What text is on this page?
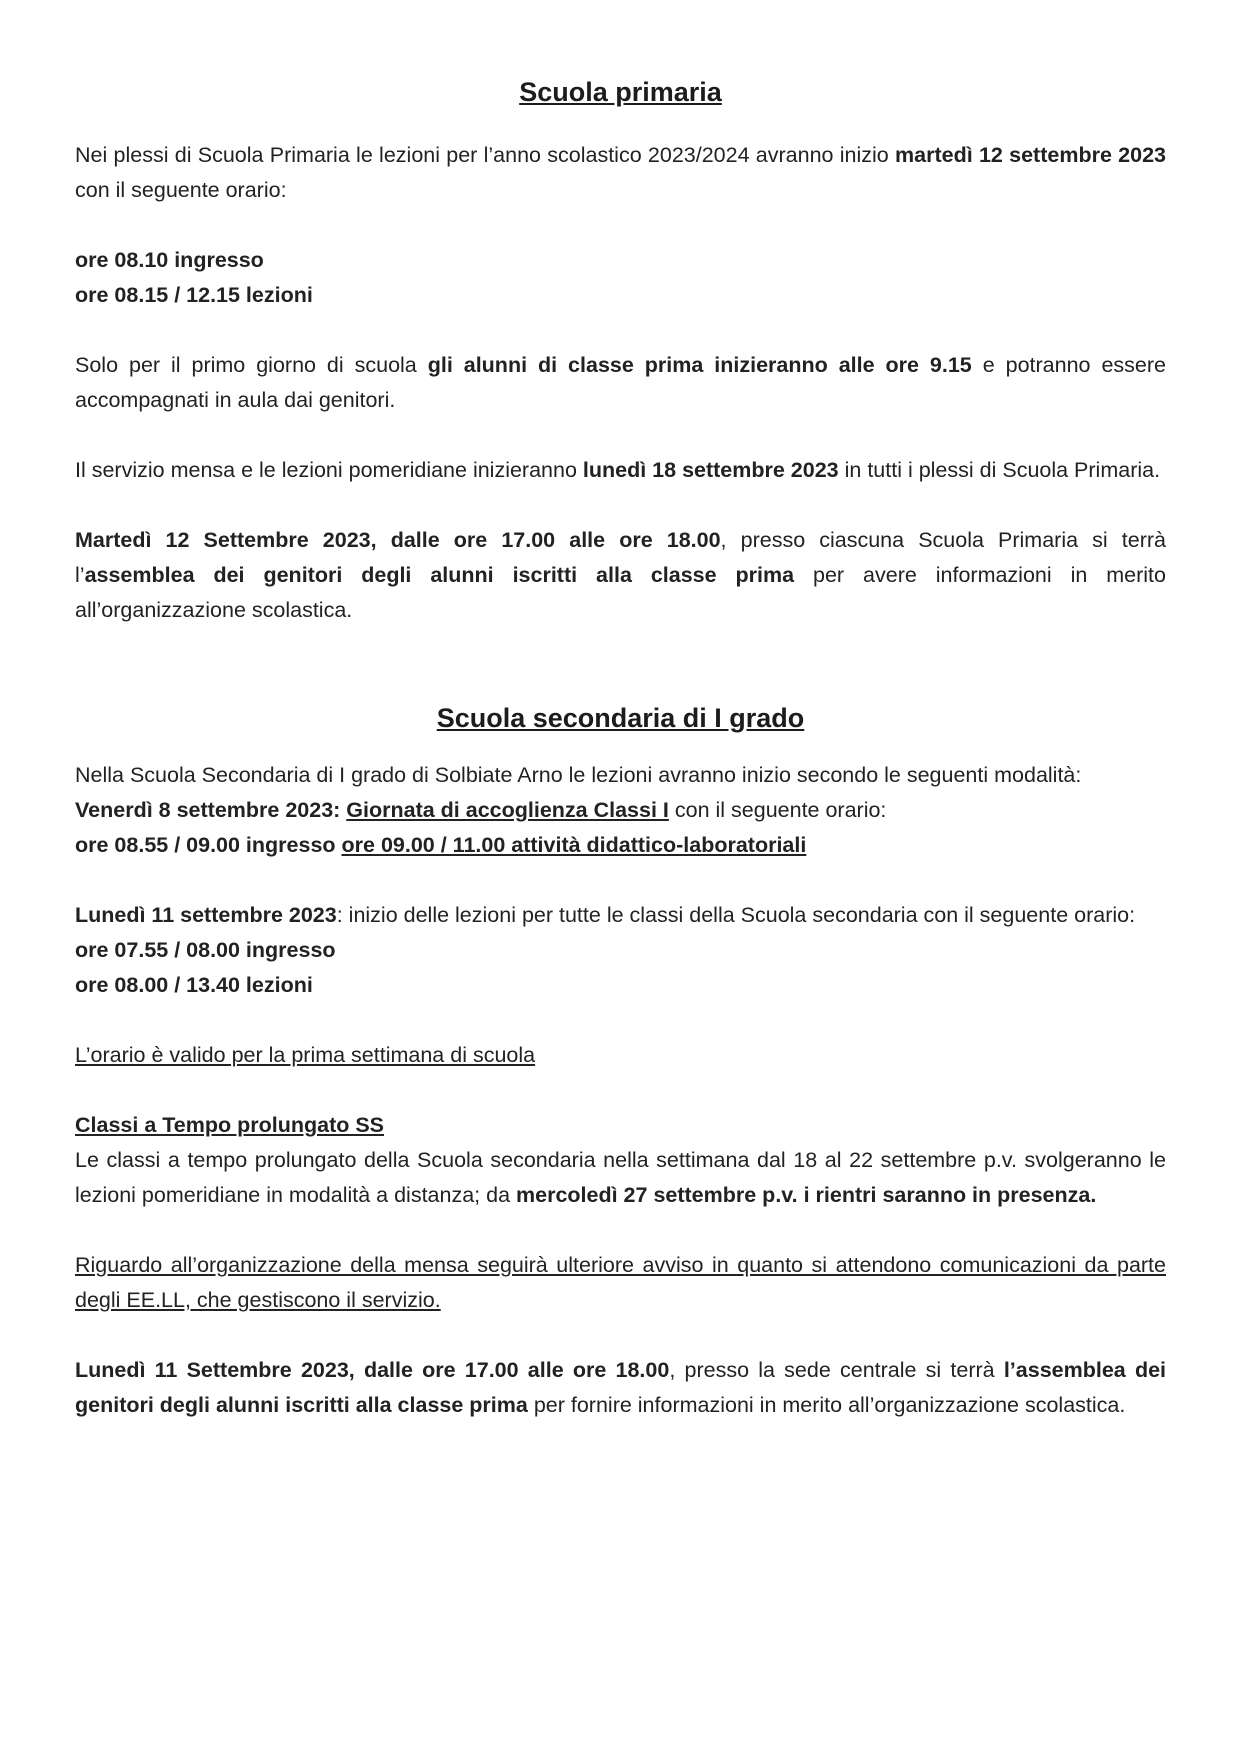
Scuola primaria

Nei plessi di Scuola Primaria le lezioni per l’anno scolastico 2023/2024 avranno inizio martedì 12 settembre 2023 con il seguente orario:

ore 08.10 ingresso

ore 08.15 / 12.15 lezioni

Solo per il primo giorno di scuola gli alunni di classe prima inizieranno alle ore 9.15 e potranno essere accompagnati in aula dai genitori.

Il servizio mensa e le lezioni pomeridiane inizieranno lunedì 18 settembre 2023 in tutti i plessi di Scuola Primaria.

Martedì 12 Settembre 2023, dalle ore 17.00 alle ore 18.00, presso ciascuna Scuola Primaria si terrà l’assemblea dei genitori degli alunni iscritti alla classe prima per avere informazioni in merito all’organizzazione scolastica.

Scuola secondaria di I grado

Nella Scuola Secondaria di I grado di Solbiate Arno le lezioni avranno inizio secondo le seguenti modalità:

Venerdì 8 settembre 2023: Giornata di accoglienza Classi I con il seguente orario:

ore 08.55 / 09.00 ingresso ore 09.00 / 11.00 attività didattico-laboratoriali

Lunedì 11 settembre 2023: inizio delle lezioni per tutte le classi della Scuola secondaria con il seguente orario:

ore 07.55 / 08.00 ingresso

ore 08.00 / 13.40 lezioni

L’orario è valido per la prima settimana di scuola

Classi a Tempo prolungato SS

Le classi a tempo prolungato della Scuola secondaria nella settimana dal 18 al 22 settembre p.v. svolgeranno le lezioni pomeridiane in modalità a distanza; da mercoledì 27 settembre p.v. i rientri saranno in presenza.

Riguardo all’organizzazione della mensa seguirà ulteriore avviso in quanto si attendono comunicazioni da parte degli EE.LL, che gestiscono il servizio.

Lunedì 11 Settembre 2023, dalle ore 17.00 alle ore 18.00, presso la sede centrale si terrà l’assemblea dei genitori degli alunni iscritti alla classe prima per fornire informazioni in merito all’organizzazione scolastica.
